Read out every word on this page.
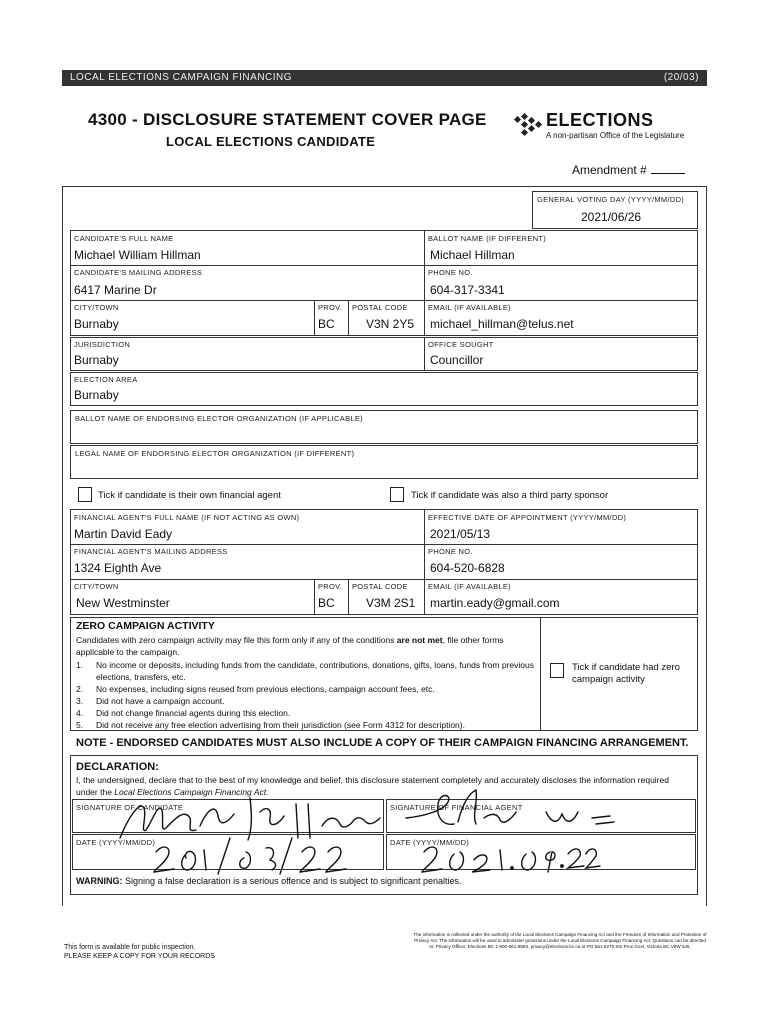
LOCAL ELECTIONS CAMPAIGN FINANCING	(20/03)
4300 - DISCLOSURE STATEMENT COVER PAGE
LOCAL ELECTIONS CANDIDATE
ELECTIONS
A non-partisan Office of the Legislature
Amendment #
GENERAL VOTING DAY (YYYY/MM/DD)
2021/06/26
CANDIDATE'S FULL NAME
Michael William Hillman
BALLOT NAME (IF DIFFERENT)
Michael Hillman
CANDIDATE'S MAILING ADDRESS
6417 Marine Dr
PHONE NO.
604-317-3341
CITY/TOWN
Burnaby
PROV.
BC
POSTAL CODE
V3N 2Y5
EMAIL (IF AVAILABLE)
michael_hillman@telus.net
JURISDICTION
Burnaby
OFFICE SOUGHT
Councillor
ELECTION AREA
Burnaby
BALLOT NAME OF ENDORSING ELECTOR ORGANIZATION (IF APPLICABLE)
LEGAL NAME OF ENDORSING ELECTOR ORGANIZATION (IF DIFFERENT)
Tick if candidate is their own financial agent	Tick if candidate was also a third party sponsor
FINANCIAL AGENT'S FULL NAME (IF NOT ACTING AS OWN)
Martin David Eady
EFFECTIVE DATE OF APPOINTMENT (YYYY/MM/DD)
2021/05/13
FINANCIAL AGENT'S MAILING ADDRESS
1324 Eighth Ave
PHONE NO.
604-520-6828
CITY/TOWN
New Westminster
PROV.
BC
POSTAL CODE
V3M 2S1
EMAIL (IF AVAILABLE)
martin.eady@gmail.com
ZERO CAMPAIGN ACTIVITY
Candidates with zero campaign activity may file this form only if any of the conditions are not met, file other forms applicable to the campaign.
1.	No income or deposits, including funds from the candidate, contributions, donations, gifts, loans, funds from previous elections, transfers, etc.
2.	No expenses, including signs reused from previous elections, campaign account fees, etc.
3.	Did not have a campaign account.
4.	Did not change financial agents during this election.
5.	Did not receive any free election advertising from their jurisdiction (see Form 4312 for description).
Tick if candidate had zero campaign activity
NOTE - ENDORSED CANDIDATES MUST ALSO INCLUDE A COPY OF THEIR CAMPAIGN FINANCING ARRANGEMENT.
DECLARATION:
I, the undersigned, declare that to the best of my knowledge and belief, this disclosure statement completely and accurately discloses the information required under the Local Elections Campaign Financing Act.
SIGNATURE OF CANDIDATE	SIGNATURE OF FINANCIAL AGENT
DATE (YYYY/MM/DD)	DATE (YYYY/MM/DD)
WARNING: Signing a false declaration is a serious offence and is subject to significant penalties.
This form is available for public inspection.
PLEASE KEEP A COPY FOR YOUR RECORDS
The information is collected under the authority of the Local Elections Campaign Financing Act and the Freedom of Information and Protection of Privacy Act. The information will be used to administer provisions under the Local Elections Campaign Financing Act. Questions can be directed to: Privacy Officer, Elections BC 1-800-661-8683, privacy@elections.bc.ca or PO Box 9275 Stn Prov Govt, Victoria BC V8W 9J6.
